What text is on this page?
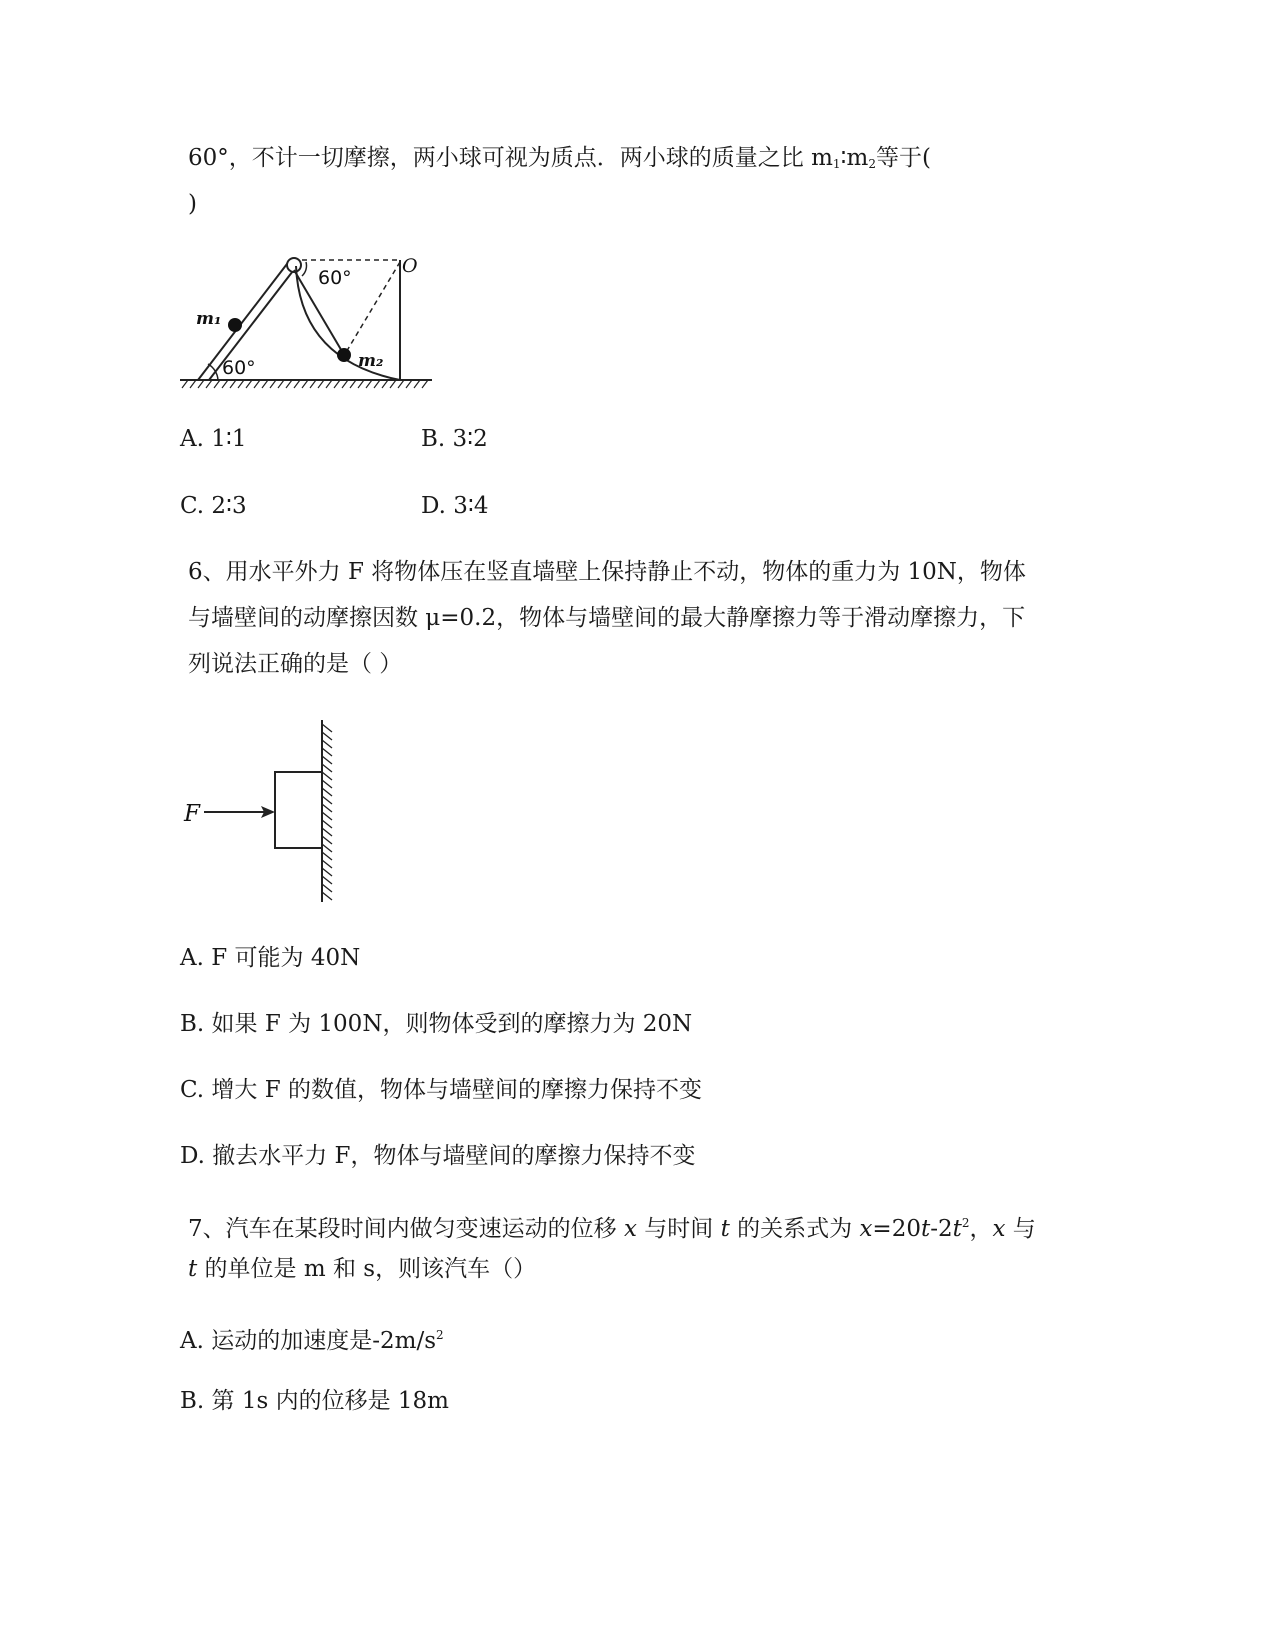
60°，不计一切摩擦，两小球可视为质点．两小球的质量之比 $m_1∶m_2$等于(
)
m₁
m₂
60°
60°
O
A. 1∶1	B. 3∶2
C. 2∶3	D. 3∶4
6、用水平外力 F 将物体压在竖直墙壁上保持静止不动，物体的重力为 10N，物体
与墙壁间的动摩擦因数 μ=0.2，物体与墙壁间的最大静摩擦力等于滑动摩擦力，下
列说法正确的是（ ）
F
A. F 可能为 40N
B. 如果 F 为 100N，则物体受到的摩擦力为 20N
C. 增大 F 的数值，物体与墙壁间的摩擦力保持不变
D. 撤去水平力 F，物体与墙壁间的摩擦力保持不变
7、汽车在某段时间内做匀变速运动的位移 x 与时间 t 的关系式为 $x=20t-2t^2$，x 与
t 的单位是 m 和 s，则该汽车（）
A. 运动的加速度是$-2m/s^2$
B. 第 1s 内的位移是 18m
